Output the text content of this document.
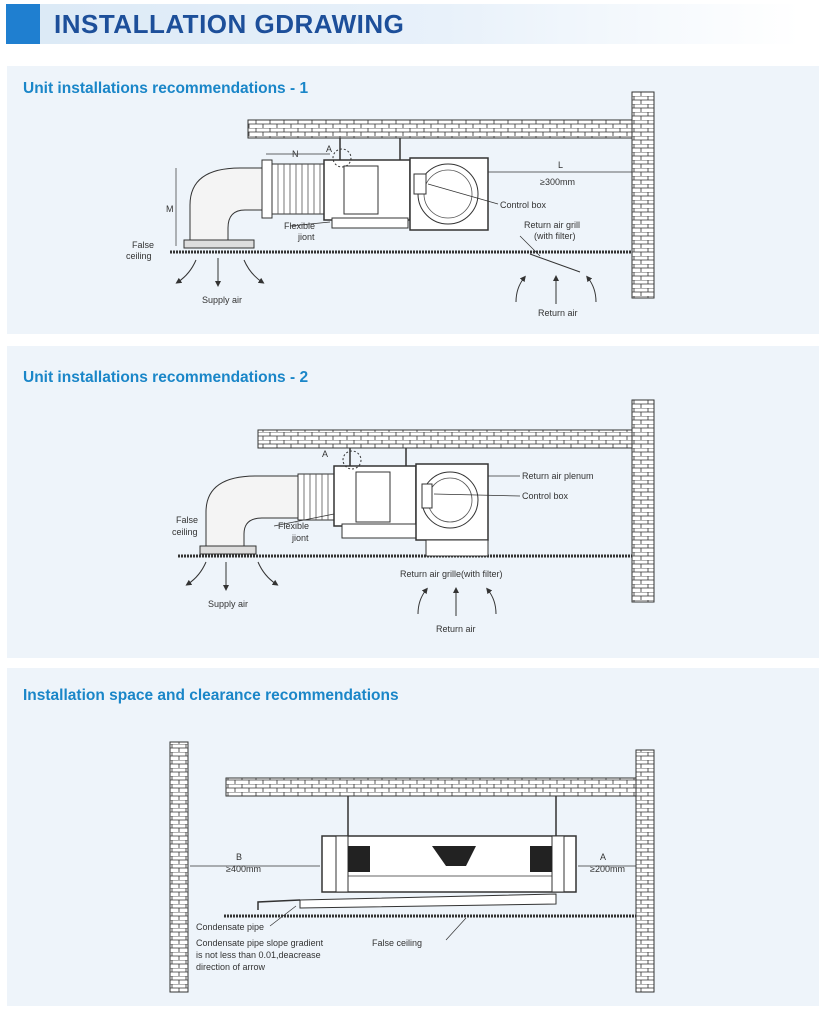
INSTALLATION GDRAWING
Unit installations recommendations - 1
Unit installations recommendations - 2
Installation space and clearance recommendations
N	A
M
L
≥300mm
Control box
Flexible
jiont
False
ceiling
Return air grill
(with filter)
Supply air
Return air
A
Return air plenum
Control box
False
ceiling
Flexible
jiont
Return air grille(with filter)
Supply air
Return air
B
≥400mm
A
≥200mm
Condensate pipe
Condensate pipe slope gradient
is not less than 0.01,deacrease
direction of arrow
False ceiling
